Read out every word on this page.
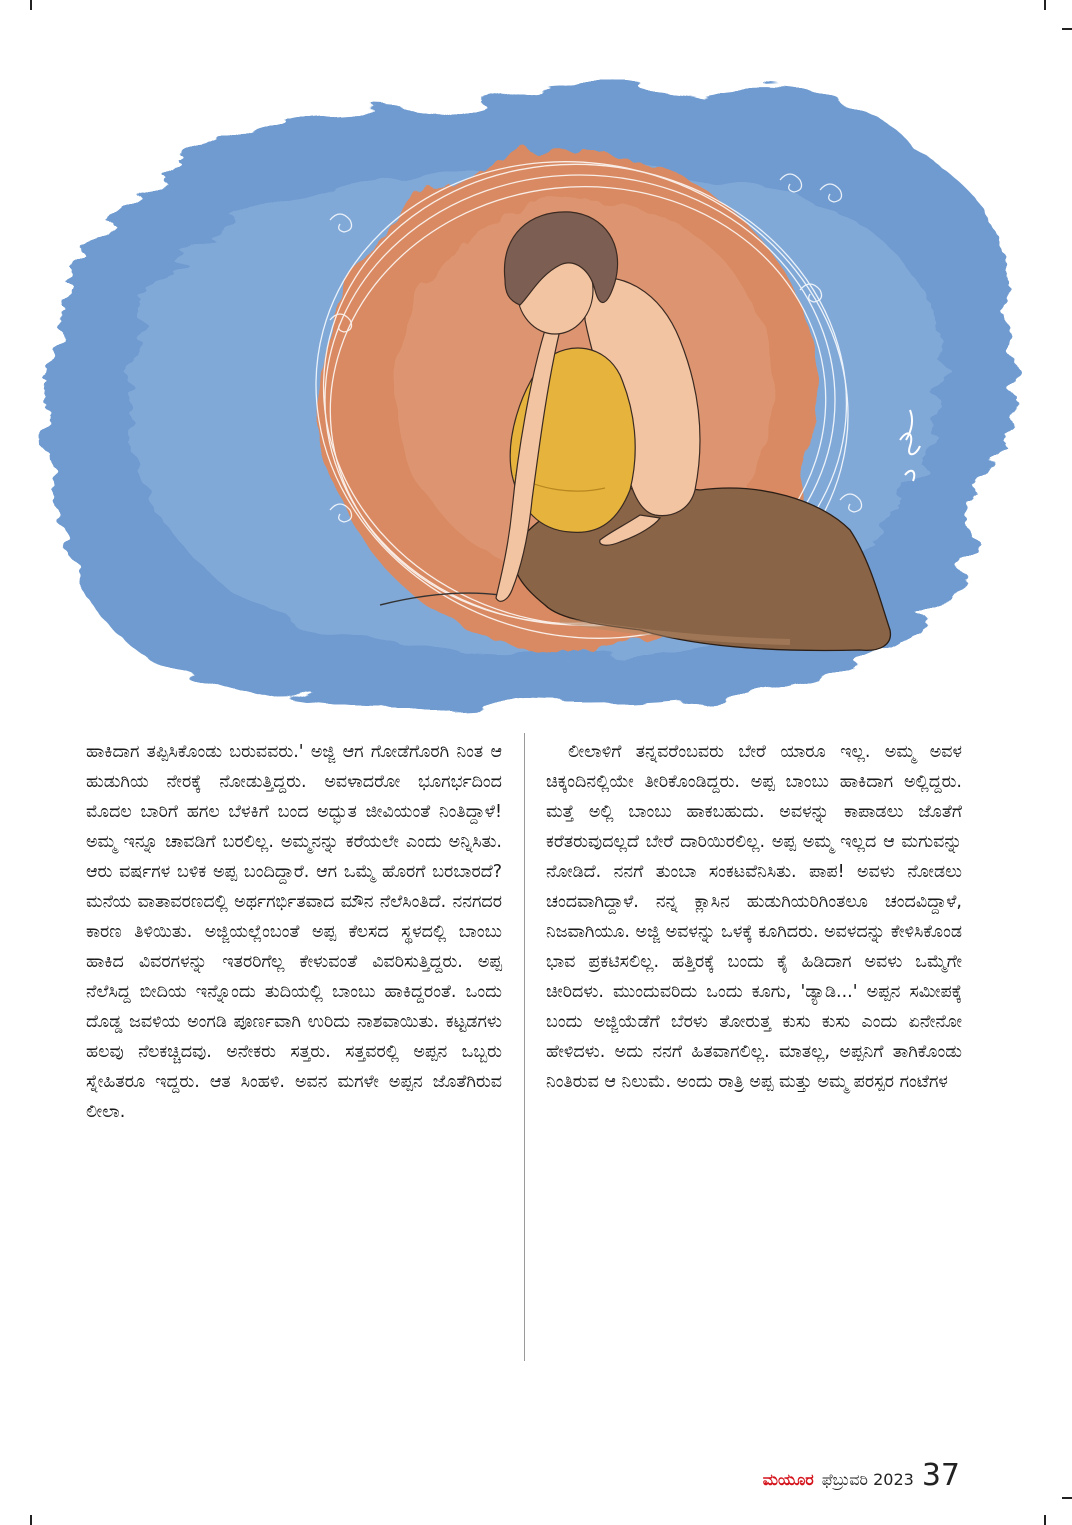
ಹಾಕಿದಾಗ ತಪ್ಪಿಸಿಕೊಂಡು ಬರುವವರು.' ಅಜ್ಜಿ ಆಗ ಗೋಡೆಗೊರಗಿ ನಿಂತ ಆ ಹುಡುಗಿಯ ನೇರಕ್ಕೆ ನೋಡುತ್ತಿದ್ದರು. ಅವಳಾದರೋ ಭೂಗರ್ಭದಿಂದ ಮೊದಲ ಬಾರಿಗೆ ಹಗಲ ಬೆಳಕಿಗೆ ಬಂದ ಅದ್ಭುತ ಜೀವಿಯಂತೆ ನಿಂತಿದ್ದಾಳೆ! ಅಮ್ಮ ಇನ್ನೂ ಚಾವಡಿಗೆ ಬರಲಿಲ್ಲ. ಅಮ್ಮನನ್ನು ಕರೆಯಲೇ ಎಂದು ಅನ್ನಿಸಿತು. ಆರು ವರ್ಷಗಳ ಬಳಿಕ ಅಪ್ಪ ಬಂದಿದ್ದಾರೆ. ಆಗ ಒಮ್ಮೆ ಹೊರಗೆ ಬರಬಾರದೆ? ಮನೆಯ ವಾತಾವರಣದಲ್ಲಿ ಅರ್ಥಗರ್ಭಿತವಾದ ಮೌನ ನೆಲೆಸಿಂತಿದೆ. ನನಗದರ ಕಾರಣ ತಿಳಿಯಿತು. ಅಜ್ಜಿಯಲ್ಲೆಂಬಂತೆ ಅಪ್ಪ ಕೆಲಸದ ಸ್ಥಳದಲ್ಲಿ ಬಾಂಬು ಹಾಕಿದ ವಿವರಗಳನ್ನು ಇತರರಿಗೆಲ್ಲ ಕೇಳುವಂತೆ ವಿವರಿಸುತ್ತಿದ್ದರು. ಅಪ್ಪ ನೆಲೆಸಿದ್ದ ಬೀದಿಯ ಇನ್ನೊಂದು ತುದಿಯಲ್ಲಿ ಬಾಂಬು ಹಾಕಿದ್ದರಂತೆ. ಒಂದು ದೊಡ್ಡ ಜವಳಿಯ ಅಂಗಡಿ ಪೂರ್ಣವಾಗಿ ಉರಿದು ನಾಶವಾಯಿತು. ಕಟ್ಟಡಗಳು ಹಲವು ನೆಲಕಚ್ಚಿದವು. ಅನೇಕರು ಸತ್ತರು. ಸತ್ತವರಲ್ಲಿ ಅಪ್ಪನ ಒಬ್ಬರು ಸ್ನೇಹಿತರೂ ಇದ್ದರು. ಆತ ಸಿಂಹಳಿ. ಅವನ ಮಗಳೇ ಅಪ್ಪನ ಜೊತೆಗಿರುವ ಲೀಲಾ.

ಲೀಲಾಳಿಗೆ ತನ್ನವರೆಂಬವರು ಬೇರೆ ಯಾರೂ ಇಲ್ಲ. ಅಮ್ಮ ಅವಳ ಚಿಕ್ಕಂದಿನಲ್ಲಿಯೇ ತೀರಿಕೊಂಡಿದ್ದರು. ಅಪ್ಪ ಬಾಂಬು ಹಾಕಿದಾಗ ಅಲ್ಲಿದ್ದರು. ಮತ್ತೆ ಅಲ್ಲಿ ಬಾಂಬು ಹಾಕಬಹುದು. ಅವಳನ್ನು ಕಾಪಾಡಲು ಜೊತೆಗೆ ಕರೆತರುವುದಲ್ಲದೆ ಬೇರೆ ದಾರಿಯಿರಲಿಲ್ಲ. ಅಪ್ಪ ಅಮ್ಮ ಇಲ್ಲದ ಆ ಮಗುವನ್ನು ನೋಡಿದೆ. ನನಗೆ ತುಂಬಾ ಸಂಕಟವೆನಿಸಿತು. ಪಾಪ! ಅವಳು ನೋಡಲು ಚಂದವಾಗಿದ್ದಾಳೆ. ನನ್ನ ಕ್ಲಾಸಿನ ಹುಡುಗಿಯರಿಗಿಂತಲೂ ಚಂದವಿದ್ದಾಳೆ, ನಿಜವಾಗಿಯೂ. ಅಜ್ಜಿ ಅವಳನ್ನು ಒಳಕ್ಕೆ ಕೂಗಿದರು. ಅವಳದನ್ನು ಕೇಳಿಸಿಕೊಂಡ ಭಾವ ಪ್ರಕಟಿಸಲಿಲ್ಲ. ಹತ್ತಿರಕ್ಕೆ ಬಂದು ಕೈ ಹಿಡಿದಾಗ ಅವಳು ಒಮ್ಮೆಗೇ ಚೀರಿದಳು. ಮುಂದುವರಿದು ಒಂದು ಕೂಗು, 'ಡ್ಯಾಡಿ...' ಅಪ್ಪನ ಸಮೀಪಕ್ಕೆ ಬಂದು ಅಜ್ಜಿಯೆಡೆಗೆ ಬೆರಳು ತೋರುತ್ತ ಕುಸು ಕುಸು ಎಂದು ಏನೇನೋ ಹೇಳಿದಳು. ಅದು ನನಗೆ ಹಿತವಾಗಲಿಲ್ಲ. ಮಾತಲ್ಲ, ಅಪ್ಪನಿಗೆ ತಾಗಿಕೊಂಡು ನಿಂತಿರುವ ಆ ನಿಲುಮೆ. ಅಂದು ರಾತ್ರಿ ಅಪ್ಪ ಮತ್ತು ಅಮ್ಮ ಪರಸ್ಪರ ಗಂಟೆಗಳ

ಮಯೂರ ಫೆಬ್ರುವರಿ 2023 37
